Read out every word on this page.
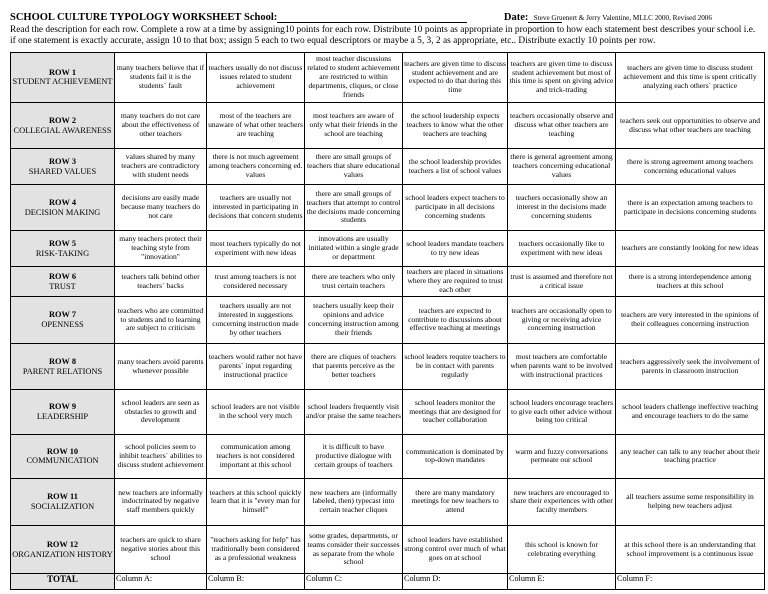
SCHOOL CULTURE TYPOLOGY WORKSHEET School:	Date: Steve Gruenert & Jerry Valentine, MLLC 2000, Revised 2006
Read the description for each row. Complete a row at a time by assigning10 points for each row. Distribute 10 points as appropriate in proportion to how each statement best describes your school i.e. if one statement is exactly accurate, assign 10 to that box; assign 5 each to two equal descriptors or maybe a 5, 3, 2 as appropriate, etc.. Distribute exactly 10 points per row.
ROW 1
STUDENT ACHIEVEMENT	many teachers believe that if students fail it is the students` fault	teachers usually do not discuss issues related to student achievement	most teacher discussions related to student achievement are restricted to within departments, cliques, or close friends	teachers are given time to discuss student achievement and are expected to do that during this time	teachers are given time to discuss student achievement but most of this time is spent on giving advice and trick-trading	teachers are given time to discuss student achievement and this time is spent critically analyzing each others` practice

ROW 2
COLLEGIAL AWARENESS	many teachers do not care about the effectiveness of other teachers	most of the teachers are unaware of what other teachers are teaching	most teachers are aware of only what their friends in the school are teaching	the school leadership expects teachers to know what the other teachers are teaching	teachers occasionally observe and discuss what other teachers are teaching	teachers seek out opportunities to observe and discuss what other teachers are teaching

ROW 3
SHARED VALUES	values shared by many teachers are contradictory with student needs	there is not much agreement among teachers concerning ed. values	there are small groups of teachers that share educational values	the school leadership provides teachers a list of school values	there is general agreement among teachers concerning educational values	there is strong agreement among teachers concerning educational values

ROW 4
DECISION MAKING	decisions are easily made because many teachers do not care	teachers are usually not interested in participating in decisions that concern students	there are small groups of teachers that attempt to control the decisions made concerning students	school leaders expect teachers to participate in all decisions concerning students	teachers occasionally show an interest in the decisions made concerning students	there is an expectation among teachers to participate in decisions concerning students

ROW 5
RISK-TAKING	many teachers protect their teaching style from "innovation"	most teachers typically do not experiment with new ideas	innovations are usually initiated within a single grade or department	school leaders mandate teachers to try new ideas	teachers occasionally like to experiment with new ideas	teachers are constantly looking for new ideas

ROW 6
TRUST	teachers talk behind other teachers` backs	trust among teachers is not considered necessary	there are teachers who only trust certain teachers	teachers are placed in situations where they are required to trust each other	trust is assumed and therefore not a critical issue	there is a strong interdependence among teachers at this school

ROW 7
OPENNESS	teachers who are committed to students and to learning are subject to criticism	teachers usually are not interested in suggestions concerning instruction made by other teachers	teachers usually keep their opinions and advice concerning instruction among their friends	teachers are expected to contribute to discussions about effective teaching at meetings	teachers are occasionally open to giving or receiving advice concerning instruction	teachers are very interested in the opinions of their colleagues concerning instruction

ROW 8
PARENT RELATIONS	many teachers avoid parents whenever possible	teachers would rather not have parents` input regarding instructional practice	there are cliques of teachers that parents perceive as the better teachers	school leaders require teachers to be in contact with parents regularly	most teachers are comfortable when parents want to be involved with instructional practices	teachers aggressively seek the involvement of parents in classroom instruction

ROW 9
LEADERSHIP	school leaders are seen as obstacles to growth and development	school leaders are not visible in the school very much	school leaders frequently visit and/or praise the same teachers	school leaders monitor the meetings that are designed for teacher collaboration	school leaders encourage teachers to give each other advice without being too critical	school leaders challenge ineffective teaching and encourage teachers to do the same

ROW 10
COMMUNICATION	school policies seem to inhibit teachers` abilities to discuss student achievement	communication among teachers is not considered important at this school	it is difficult to have productive dialogue with certain groups of teachers	communication is dominated by top-down mandates	warm and fuzzy conversations permeate our school	any teacher can talk to any teacher about their teaching practice

ROW 11
SOCIALIZATION	new teachers are informally indoctrinated by negative staff members quickly	teachers at this school quickly learn that it is "every man for himself"	new teachers are (informally labeled, then) typecast into certain teacher cliques	there are many mandatory meetings for new teachers to attend	new teachers are encouraged to share their experiences with other faculty members	all teachers assume some responsibility in helping new teachers adjust

ROW 12
ORGANIZATION HISTORY	teachers are quick to share negative stories about this school	"teachers asking for help" has traditionally been considered as a professional weakness	some grades, departments, or teams consider their successes as separate from the whole school	school leaders have established strong control over much of what goes on at school	this school is known for celebrating everything	at this school there is an understanding that school improvement is a continuous issue
TOTAL	Column A:	Column B:	Column C:	Column D:	Column E:	Column F:
